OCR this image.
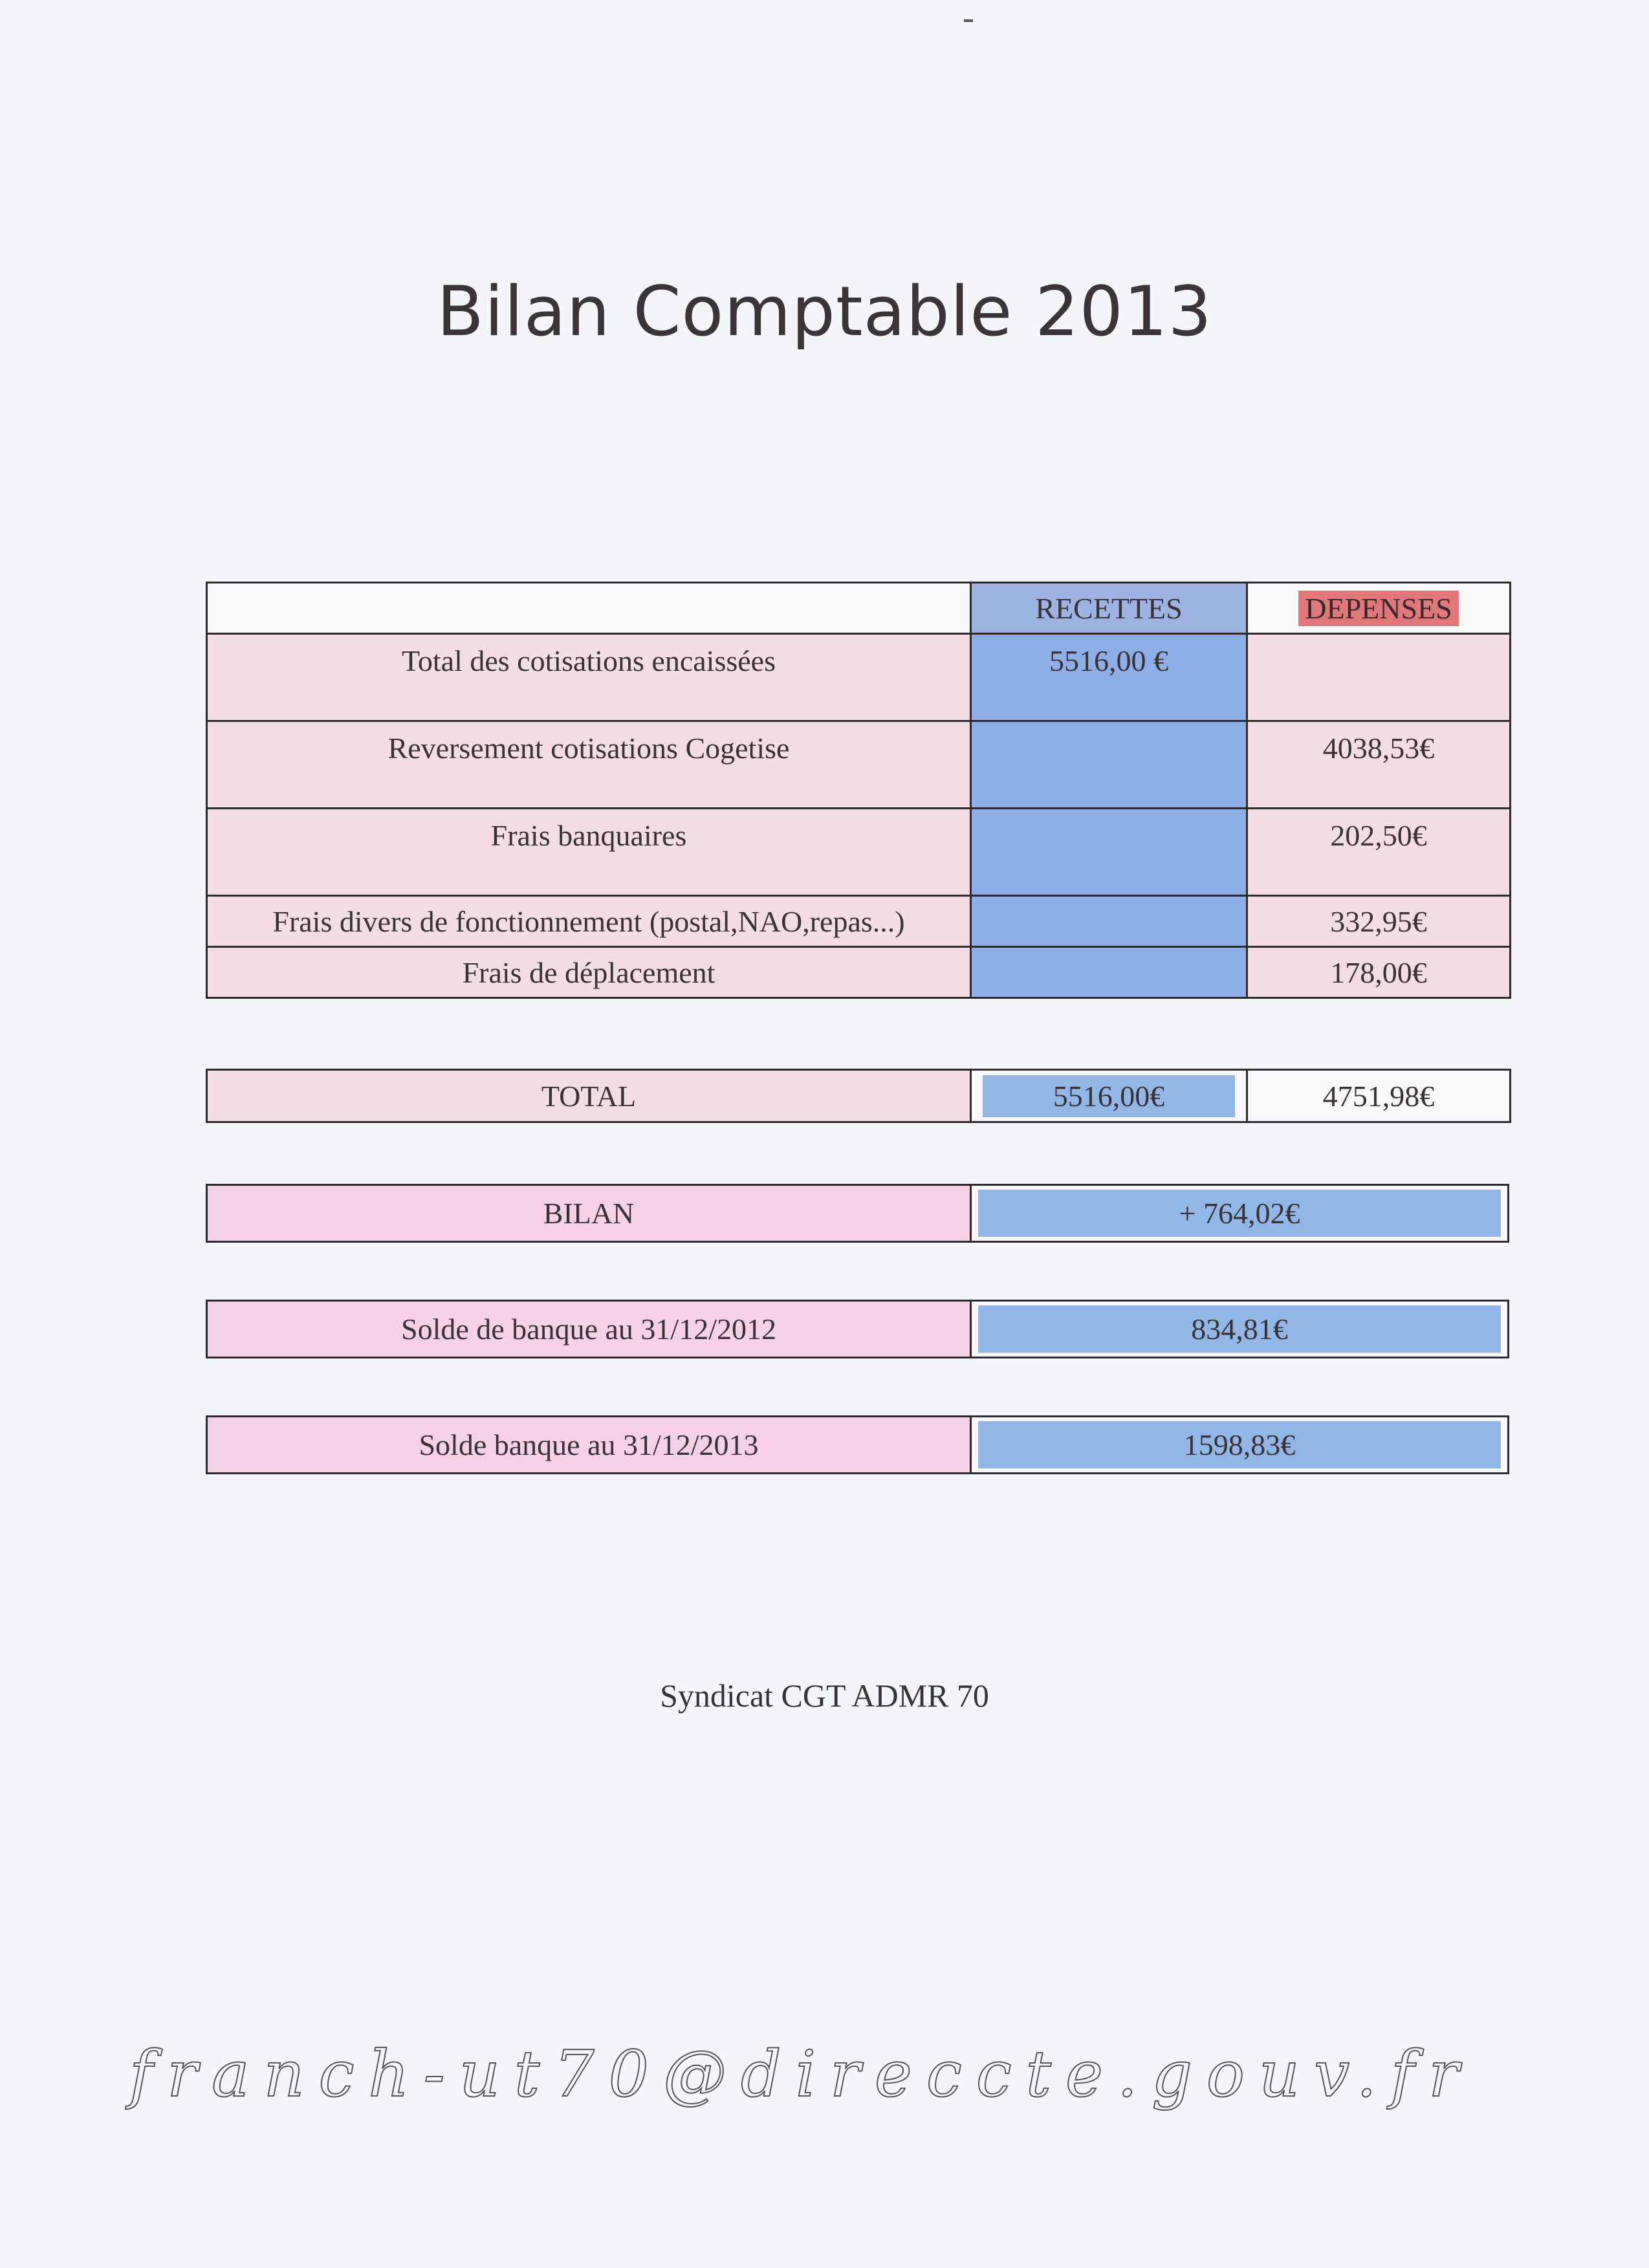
Bilan Comptable 2013
	RECETTES	DEPENSES

Total des cotisations encaissées	5516,00 €	

Reversement cotisations Cogetise		4038,53€

Frais banquaires		202,50€

Frais divers de fonctionnement (postal,NAO,repas...)		332,95€
Frais de déplacement		178,00€
TOTAL	5516,00€	4751,98€
BILAN	+ 764,02€
Solde de banque au 31/12/2012	834,81€
Solde banque au 31/12/2013	1598,83€
Syndicat CGT ADMR 70
franch-ut70@direccte.gouv.fr
